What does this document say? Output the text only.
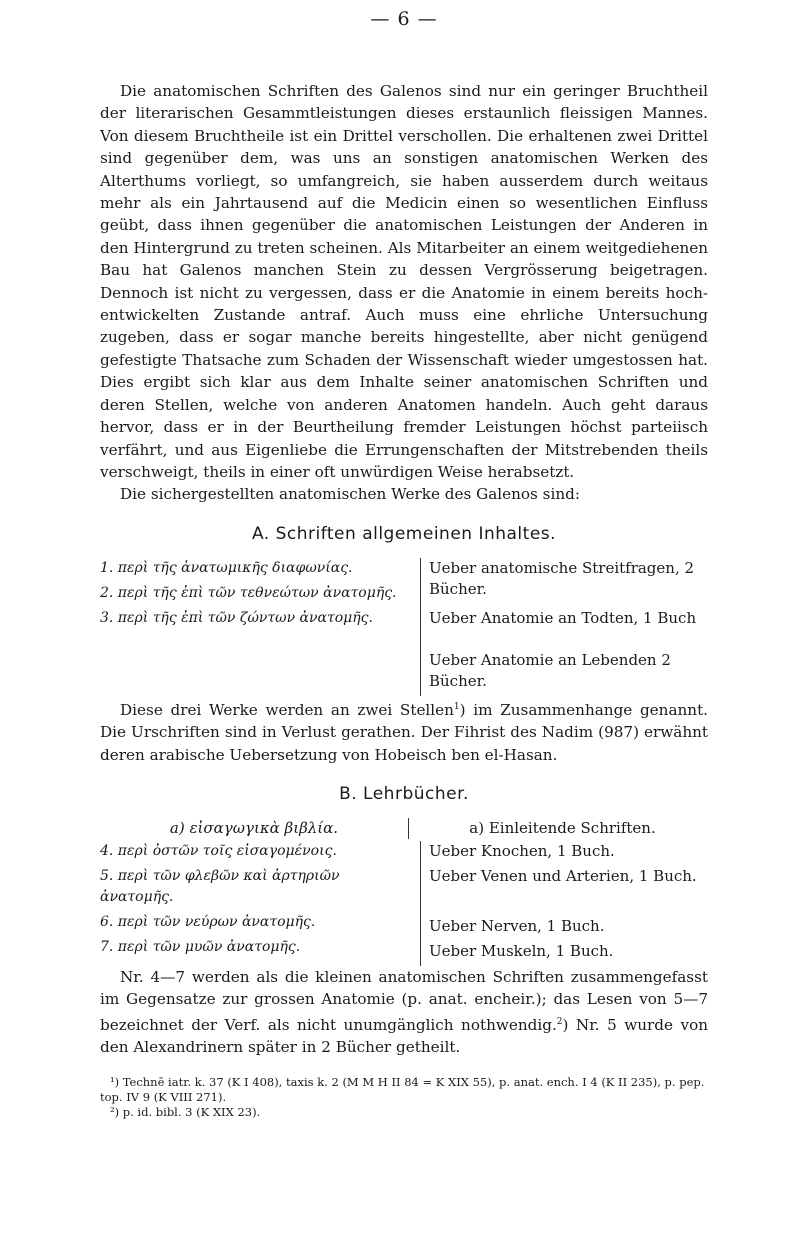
— 6 —

Die anatomischen Schriften des Galenos sind nur ein geringer Bruchtheil der literarischen Gesammtleistungen dieses erstaunlich fleissigen Mannes. Von diesem Bruchtheile ist ein Drittel verschollen. Die erhaltenen zwei Drittel sind gegenüber dem, was uns an sonstigen anatomischen Werken des Alterthums vorliegt, so umfangreich, sie haben ausserdem durch weitaus mehr als ein Jahrtausend auf die Medicin einen so wesentlichen Einfluss geübt, dass ihnen gegenüber die anatomischen Leistungen der Anderen in den Hintergrund zu treten scheinen. Als Mitarbeiter an einem weitgediehenen Bau hat Galenos manchen Stein zu dessen Vergrösserung beigetragen. Dennoch ist nicht zu vergessen, dass er die Anatomie in einem bereits hoch-entwickelten Zustande antraf. Auch muss eine ehrliche Untersuchung zugeben, dass er sogar manche bereits hingestellte, aber nicht genügend gefestigte Thatsache zum Schaden der Wissenschaft wieder umgestossen hat. Dies ergibt sich klar aus dem Inhalte seiner anatomischen Schriften und deren Stellen, welche von anderen Anatomen handeln. Auch geht daraus hervor, dass er in der Beurtheilung fremder Leistungen höchst parteiisch verfährt, und aus Eigenliebe die Errungenschaften der Mitstrebenden theils verschweigt, theils in einer oft unwürdigen Weise herabsetzt.

Die sichergestellten anatomischen Werke des Galenos sind:

A. Schriften allgemeinen Inhaltes.

1. περὶ τῆς ἀνατωμικῆς διαφωνίας.

2. περὶ τῆς ἐπὶ τῶν τεθνεώτων ἀνατομῆς.

3. περὶ τῆς ἐπὶ τῶν ζώντων ἀνατομῆς.

Ueber anatomische Streitfragen, 2 Bücher.

Ueber Anatomie an Todten, 1 Buch

Ueber Anatomie an Lebenden 2 Bücher.

Diese drei Werke werden an zwei Stellen$^1$) im Zusammenhange genannt. Die Urschriften sind in Verlust gerathen. Der Fihrist des Nadim (987) erwähnt deren arabische Uebersetzung von Hobeisch ben el-Hasan.

B. Lehrbücher.
a) εἰσαγωγικὰ βιβλία.	a) Einleitende Schriften.

4. περὶ ὀστῶν τοῖς εἰσαγομένοις.

5. περὶ τῶν φλεβῶν καὶ ἀρτηριῶν ἀνατομῆς.

6. περὶ τῶν νεύρων ἀνατομῆς.

7. περὶ τῶν μυῶν ἀνατομῆς.

Ueber Knochen, 1 Buch.

Ueber Venen und Arterien, 1 Buch.

Ueber Nerven, 1 Buch.

Ueber Muskeln, 1 Buch.

Nr. 4—7 werden als die kleinen anatomischen Schriften zusammengefasst im Gegensatze zur grossen Anatomie (p. anat. encheir.); das Lesen von 5—7 bezeichnet der Verf. als nicht unumgänglich nothwendig.$^2$) Nr. 5 wurde von den Alexandrinern später in 2 Bücher getheilt.

¹) Technē iatr. k. 37 (K I 408), taxis k. 2 (M M H II 84 = K XIX 55), p. anat. ench. I 4 (K II 235), p. pep. top. IV 9 (K VIII 271).

²) p. id. bibl. 3 (K XIX 23).
